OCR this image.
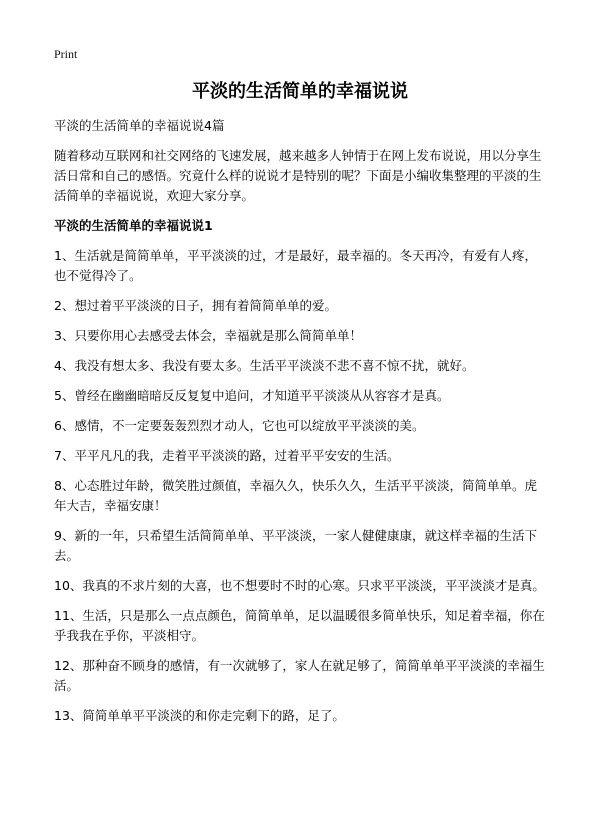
Print
平淡的生活简单的幸福说说

平淡的生活简单的幸福说说4篇

随着移动互联网和社交网络的飞速发展，越来越多人钟情于在网上发布说说，用以分享生活日常和自己的感悟。究竟什么样的说说才是特别的呢？下面是小编收集整理的平淡的生活简单的幸福说说，欢迎大家分享。

平淡的生活简单的幸福说说1

1、生活就是简简单单，平平淡淡的过，才是最好，最幸福的。冬天再冷，有爱有人疼，也不觉得冷了。

2、想过着平平淡淡的日子，拥有着简简单单的爱。

3、只要你用心去感受去体会，幸福就是那么简简单单！

4、我没有想太多、我没有要太多。生活平平淡淡不悲不喜不惊不扰，就好。

5、曾经在幽幽暗暗反反复复中追问，才知道平平淡淡从从容容才是真。

6、感情，不一定要轰轰烈烈才动人，它也可以绽放平平淡淡的美。

7、平平凡凡的我，走着平平淡淡的路，过着平平安安的生活。

8、心态胜过年龄，微笑胜过颜值，幸福久久，快乐久久，生活平平淡淡，简简单单。虎年大吉，幸福安康！

9、新的一年，只希望生活简简单单、平平淡淡，一家人健健康康，就这样幸福的生活下去。

10、我真的不求片刻的大喜，也不想要时不时的心寒。只求平平淡淡，平平淡淡才是真。

11、生活，只是那么一点点颜色，简简单单，足以温暖很多简单快乐，知足着幸福，你在乎我我在乎你，平淡相守。

12、那种奋不顾身的感情，有一次就够了，家人在就足够了，简简单单平平淡淡的幸福生活。

13、简简单单平平淡淡的和你走完剩下的路，足了。
